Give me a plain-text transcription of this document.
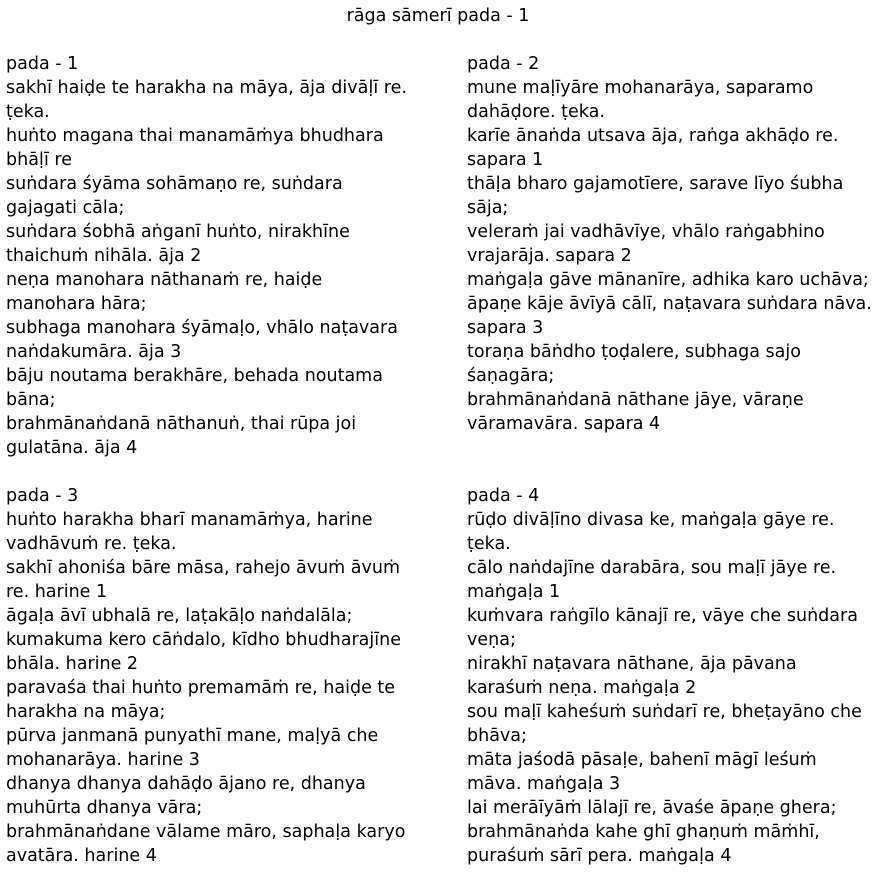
rāga sāmerī pada - 1
pada - 1
sakhī haiḍe te harakha na māya, āja divāḷī re.
ṭeka.
huṅto magana thai manamāṁya bhudhara
bhāḷī re
suṅdara śyāma sohāmaṇo re, suṅdara
gajagati cāla;
suṅdara śobhā aṅganī huṅto, nirakhīne
thaichuṁ nihāla. āja 2
neṇa manohara nāthanaṁ re, haiḍe
manohara hāra;
subhaga manohara śyāmaḷo, vhālo naṭavara
naṅdakumāra. āja 3
bāju noutama berakhāre, behada noutama
bāna;
brahmānaṅdanā nāthanuṅ, thai rūpa joi
gulatāna. āja 4
pada - 3
huṅto harakha bharī manamāṁya, harine
vadhāvuṁ re. ṭeka.
sakhī ahoniśa bāre māsa, rahejo āvuṁ āvuṁ
re. harine 1
āgaḷa āvī ubhalā re, laṭakāḷo naṅdalāla;
kumakuma kero cāṅdalo, kīdho bhudharajīne
bhāla. harine 2
paravaśa thai huṅto premamāṁ re, haiḍe te
harakha na māya;
pūrva janmanā punyathī mane, maḷyā che
mohanarāya. harine 3
dhanya dhanya dahāḍo ājano re, dhanya
muhūrta dhanya vāra;
brahmānaṅdane vālame māro, saphaḷa karyo
avatāra. harine 4
pada - 2
mune maḷīyāre mohanarāya, saparamo
dahāḍore. ṭeka.
karīe ānaṅda utsava āja, raṅga akhāḍo re.
sapara 1
thāḷa bharo gajamotīere, sarave līyo śubha
sāja;
veleraṁ jai vadhāvīye, vhālo raṅgabhino
vrajarāja. sapara 2
maṅgaḷa gāve mānanīre, adhika karo uchāva;
āpaṇe kāje āvīyā cālī, naṭavara suṅdara nāva.
sapara 3
toraṇa bāṅdho ṭoḍalere, subhaga sajo
śaṇagāra;
brahmānaṅdanā nāthane jāye, vāraṇe
vāramavāra. sapara 4
pada - 4
rūḍo divāḷīno divasa ke, maṅgaḷa gāye re.
ṭeka.
cālo naṅdajīne darabāra, sou maḷī jāye re.
maṅgaḷa 1
kuṁvara raṅgīlo kānajī re, vāye che suṅdara
veṇa;
nirakhī naṭavara nāthane, āja pāvana
karaśuṁ neṇa. maṅgaḷa 2
sou maḷī kaheśuṁ suṅdarī re, bheṭayāno che
bhāva;
māta jaśodā pāsaḷe, bahenī māgī leśuṁ
māva. maṅgaḷa 3
lai merāīyāṁ lālajī re, āvaśe āpaṇe ghera;
brahmānaṅda kahe ghī ghaṇuṁ māṁhī,
puraśuṁ sārī pera. maṅgaḷa 4
